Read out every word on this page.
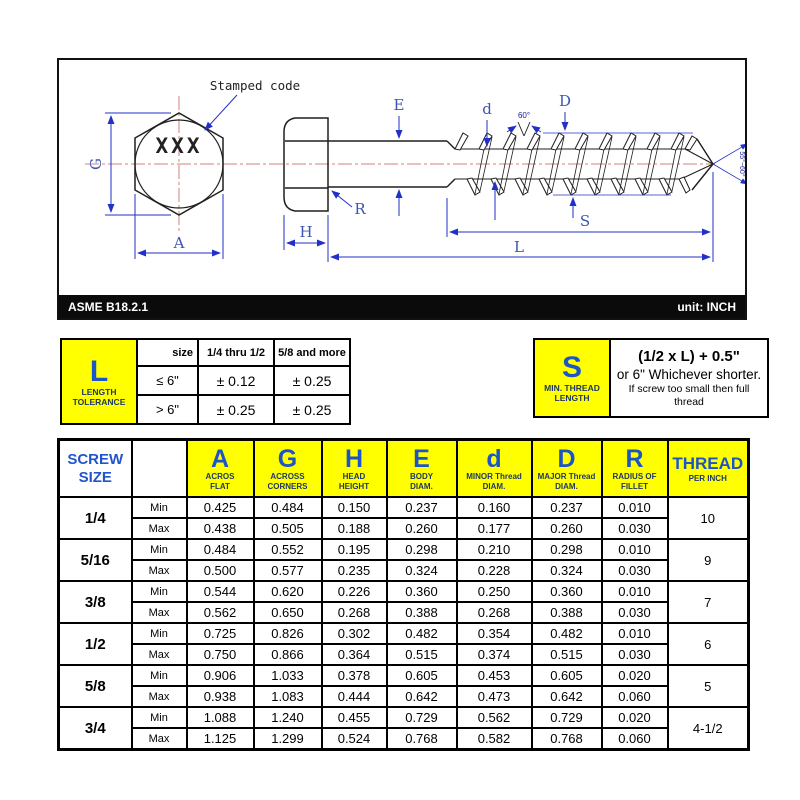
XXX
Stamped code
G
A
H
R
E	d	D
60°
55°~60°
S
L
ASME B18.2.1	unit: INCH
L
LENGTH
TOLERANCE	size	1/4 thru 1/2	5/8 and more
	≤ 6"	± 0.12	± 0.25
	> 6"	± 0.25	± 0.25
S
MIN. THREAD
LENGTH

(1/2 x L) + 0.5"
or 6" Whichever shorter.
If screw too small then full thread
SCREW
SIZE

A
ACROS
FLAT

G
ACROSS
CORNERS

H
HEAD
HEIGHT

E
BODY
DIAM.

d
MINOR Thread
DIAM.

D
MAJOR Thread
DIAM.

R
RADIUS OF
FILLET

THREAD
PER INCH

1/4	Min	0.425	0.484	0.150	0.237	0.160	0.237	0.010	10
	Max	0.438	0.505	0.188	0.260	0.177	0.260	0.030	
5/16	Min	0.484	0.552	0.195	0.298	0.210	0.298	0.010	9
	Max	0.500	0.577	0.235	0.324	0.228	0.324	0.030	
3/8	Min	0.544	0.620	0.226	0.360	0.250	0.360	0.010	7
	Max	0.562	0.650	0.268	0.388	0.268	0.388	0.030	
1/2	Min	0.725	0.826	0.302	0.482	0.354	0.482	0.010	6
	Max	0.750	0.866	0.364	0.515	0.374	0.515	0.030	
5/8	Min	0.906	1.033	0.378	0.605	0.453	0.605	0.020	5
	Max	0.938	1.083	0.444	0.642	0.473	0.642	0.060	
3/4	Min	1.088	1.240	0.455	0.729	0.562	0.729	0.020	4-1/2
	Max	1.125	1.299	0.524	0.768	0.582	0.768	0.060	
